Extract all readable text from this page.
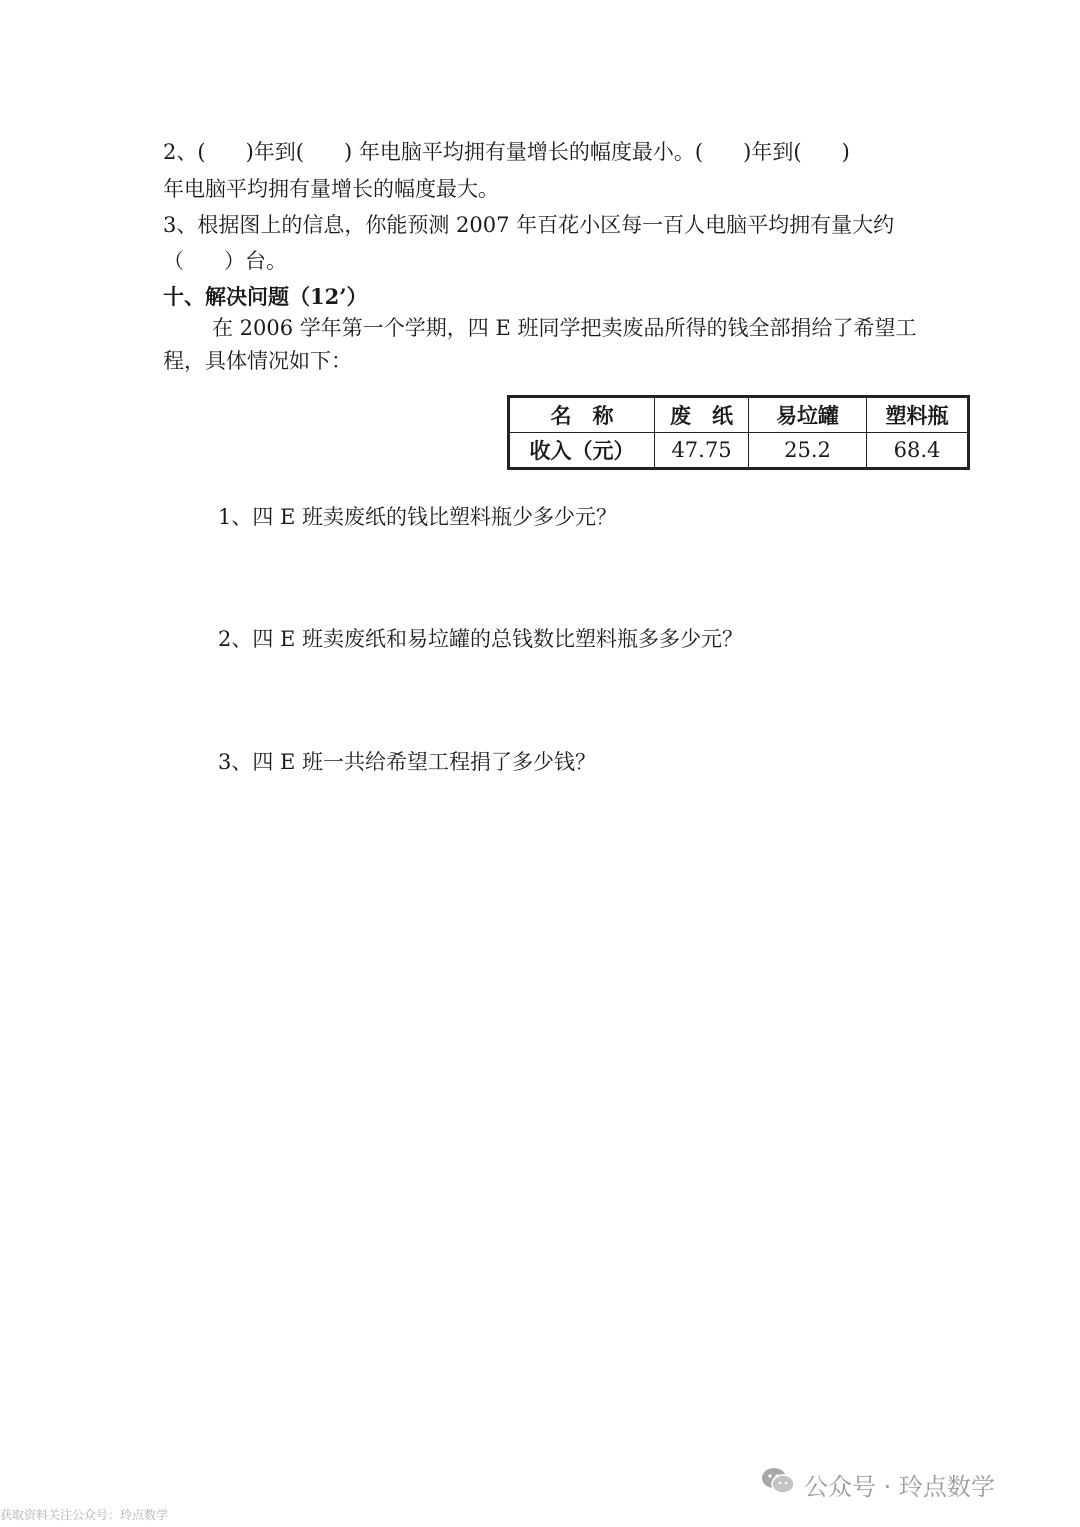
2、(      )年到(      ) 年电脑平均拥有量增长的幅度最小。(      )年到(      )
年电脑平均拥有量增长的幅度最大。
3、根据图上的信息，你能预测 2007 年百花小区每一百人电脑平均拥有量大约
（      ）台。
十、解决问题（12’）
在 2006 学年第一个学期，四 E 班同学把卖废品所得的钱全部捐给了希望工
程，具体情况如下：
名　称	废　纸	易垃罐	塑料瓶
收入（元）	47.75	25.2	68.4
1、四 E 班卖废纸的钱比塑料瓶少多少元？
2、四 E 班卖废纸和易垃罐的总钱数比塑料瓶多多少元？
3、四 E 班一共给希望工程捐了多少钱？
公众号 · 玲点数学
获取资料关注公众号：玲点数学
